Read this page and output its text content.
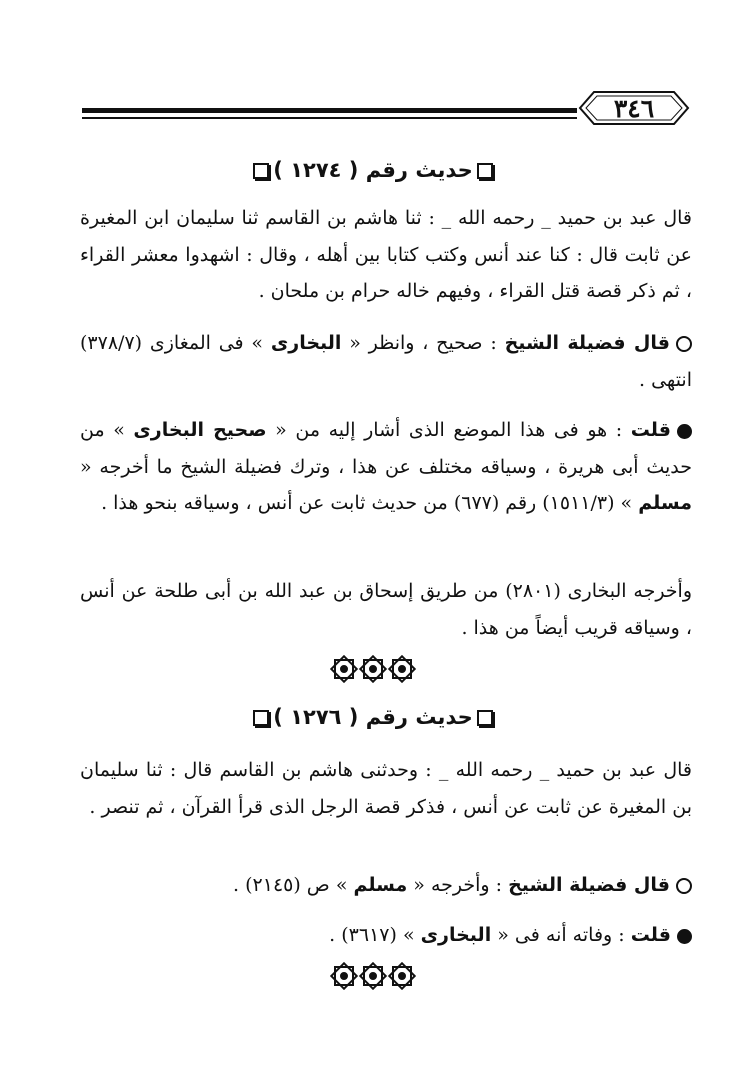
٣٤٦
حديث رقم ( ١٢٧٤ )

قال عبد بن حميد _ رحمه الله _ : ثنا هاشم بن القاسم ثنا سليمان ابن المغيرة عن ثابت قال : كنا عند أنس وكتب كتابا بين أهله ، وقال : اشهدوا معشر القراء ، ثم ذكر قصة قتل القراء ، وفيهم خاله حرام بن ملحان .

قال فضيلة الشيخ : صحيح ، وانظر « البخارى » فى المغازى (٣٧٨/٧) انتهى .

قلت : هو فى هذا الموضع الذى أشار إليه من « صحيح البخارى » من حديث أبى هريرة ، وسياقه مختلف عن هذا ، وترك فضيلة الشيخ ما أخرجه « مسلم » (١٥١١/٣) رقم (٦٧٧) من حديث ثابت عن أنس ، وسياقه بنحو هذا .

وأخرجه البخارى (٢٨٠١) من طريق إسحاق بن عبد الله بن أبى طلحة عن أنس ، وسياقه قريب أيضاً من هذا .

حديث رقم ( ١٢٧٦ )

قال عبد بن حميد _ رحمه الله _ : وحدثنى هاشم بن القاسم قال : ثنا سليمان بن المغيرة عن ثابت عن أنس ، فذكر قصة الرجل الذى قرأ القرآن ، ثم تنصر .

قال فضيلة الشيخ : وأخرجه « مسلم » ص (٢١٤٥) .

قلت : وفاته أنه فى « البخارى » (٣٦١٧) .
